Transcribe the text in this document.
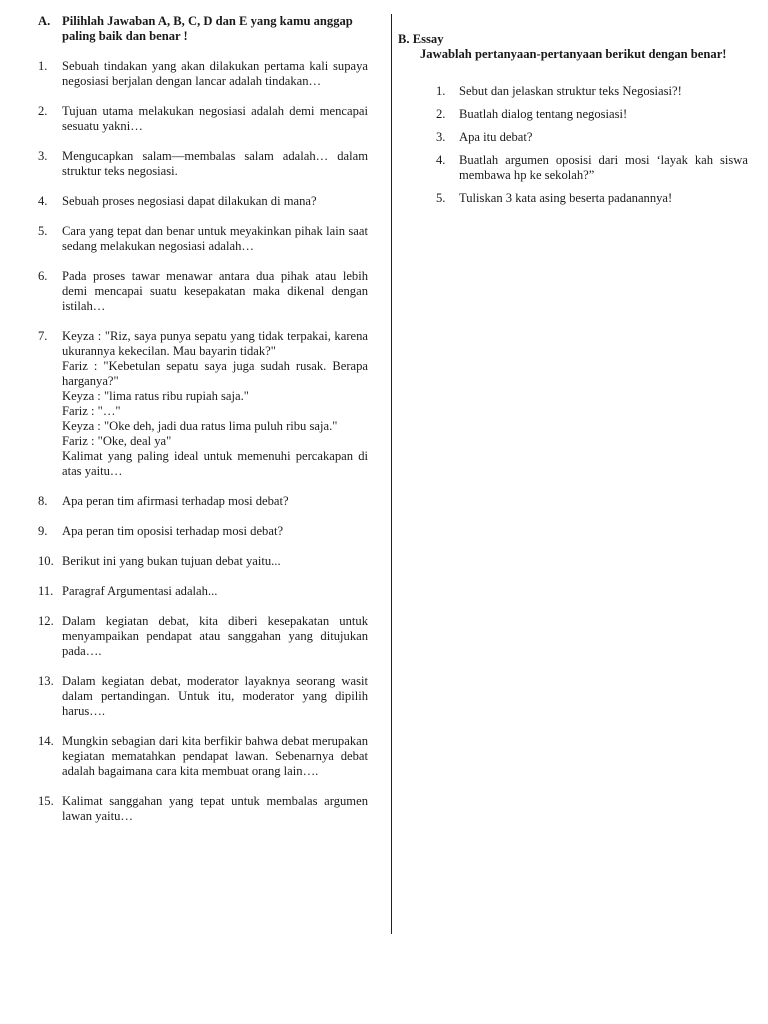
A. Pilihlah Jawaban A, B, C, D dan E yang kamu anggap paling baik dan benar !
1.	Sebuah tindakan yang akan dilakukan pertama kali supaya negosiasi berjalan dengan lancar adalah tindakan…
2.	Tujuan utama melakukan negosiasi adalah demi mencapai sesuatu yakni…
3.	Mengucapkan salam—membalas salam adalah… dalam struktur teks negosiasi.
4.	Sebuah proses negosiasi dapat dilakukan di mana?
5.	Cara yang tepat dan benar untuk meyakinkan pihak lain saat sedang melakukan negosiasi adalah…
6.	Pada proses tawar menawar antara dua pihak atau lebih demi mencapai suatu kesepakatan maka dikenal dengan istilah…
7.	Keyza : "Riz, saya punya sepatu yang tidak terpakai, karena ukurannya kekecilan. Mau bayarin tidak?"
Fariz : "Kebetulan sepatu saya juga sudah rusak. Berapa harganya?"
Keyza : "lima ratus ribu rupiah saja."
Fariz : "…"
Keyza : "Oke deh, jadi dua ratus lima puluh ribu saja."
Fariz : "Oke, deal ya"
Kalimat yang paling ideal untuk memenuhi percakapan di atas yaitu…
8.	Apa peran tim afirmasi terhadap mosi debat?
9.	Apa peran tim oposisi terhadap mosi debat?
10. Berikut ini yang bukan tujuan debat yaitu...
11. Paragraf Argumentasi adalah...
12. Dalam kegiatan debat, kita diberi kesepakatan untuk menyampaikan pendapat atau sanggahan yang ditujukan pada….
13. Dalam kegiatan debat, moderator layaknya seorang wasit dalam pertandingan. Untuk itu, moderator yang dipilih harus….
14. Mungkin sebagian dari kita berfikir bahwa debat merupakan kegiatan mematahkan pendapat lawan. Sebenarnya debat adalah bagaimana cara kita membuat orang lain….
15. Kalimat sanggahan yang tepat untuk membalas argumen lawan yaitu…
B. Essay
Jawablah pertanyaan-pertanyaan berikut dengan benar!
1.	Sebut dan jelaskan struktur teks Negosiasi?!
2.	Buatlah dialog tentang negosiasi!
3.	Apa itu debat?
4.	Buatlah argumen oposisi dari mosi ‘layak kah siswa membawa hp ke sekolah?”
5.	Tuliskan 3 kata asing beserta padanannya!
